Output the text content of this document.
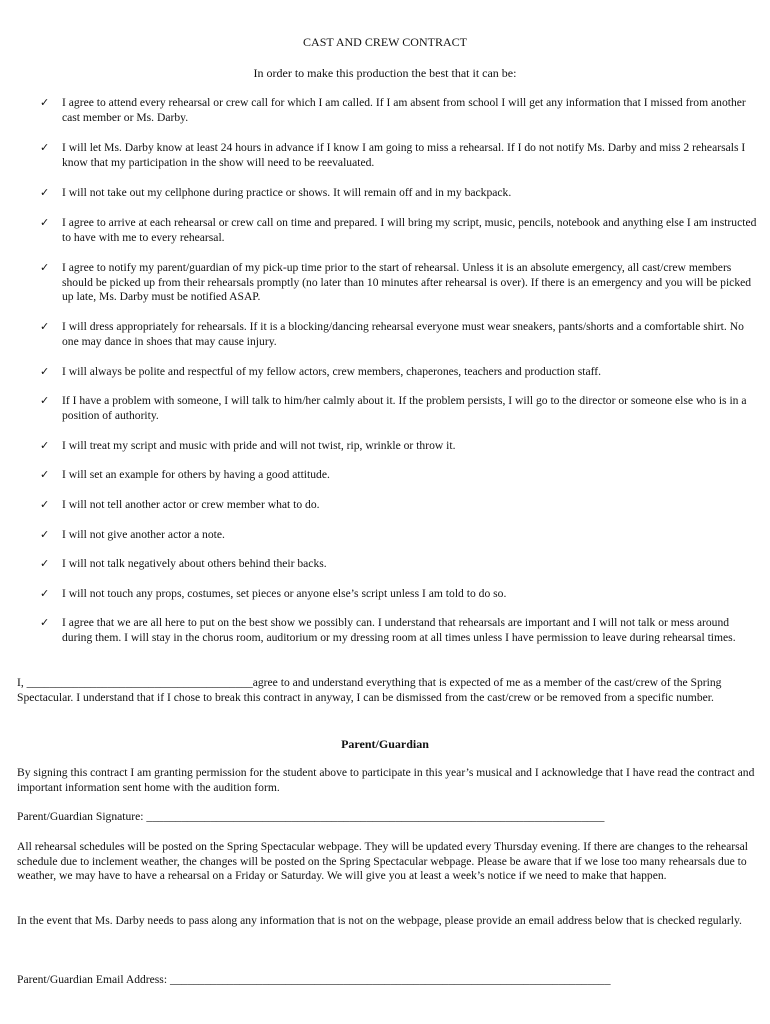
CAST AND CREW CONTRACT
In order to make this production the best that it can be:
✓	I agree to attend every rehearsal or crew call for which I am called. If I am absent from school I will get any information that I missed from another cast member or Ms. Darby.
✓	I will let Ms. Darby know at least 24 hours in advance if I know I am going to miss a rehearsal. If I do not notify Ms. Darby and miss 2 rehearsals I know that my participation in the show will need to be reevaluated.
✓	I will not take out my cellphone during practice or shows. It will remain off and in my backpack.
✓	I agree to arrive at each rehearsal or crew call on time and prepared. I will bring my script, music, pencils, notebook and anything else I am instructed to have with me to every rehearsal.
✓	I agree to notify my parent/guardian of my pick-up time prior to the start of rehearsal. Unless it is an absolute emergency, all cast/crew members should be picked up from their rehearsals promptly (no later than 10 minutes after rehearsal is over). If there is an emergency and you will be picked up late, Ms. Darby must be notified ASAP.
✓	I will dress appropriately for rehearsals. If it is a blocking/dancing rehearsal everyone must wear sneakers, pants/shorts and a comfortable shirt. No one may dance in shoes that may cause injury.
✓	I will always be polite and respectful of my fellow actors, crew members, chaperones, teachers and production staff.
✓	If I have a problem with someone, I will talk to him/her calmly about it. If the problem persists, I will go to the director or someone else who is in a position of authority.
✓	I will treat my script and music with pride and will not twist, rip, wrinkle or throw it.
✓	I will set an example for others by having a good attitude.
✓	I will not tell another actor or crew member what to do.
✓	I will not give another actor a note.
✓	I will not talk negatively about others behind their backs.
✓	I will not touch any props, costumes, set pieces or anyone else’s script unless I am told to do so.
✓	I agree that we are all here to put on the best show we possibly can. I understand that rehearsals are important and I will not talk or mess around during them. I will stay in the chorus room, auditorium or my dressing room at all times unless I have permission to leave during rehearsal times.
I, _______________________________________agree to and understand everything that is expected of me as a member of the cast/crew of the Spring Spectacular. I understand that if I chose to break this contract in anyway, I can be dismissed from the cast/crew or be removed from a specific number.
Parent/Guardian
By signing this contract I am granting permission for the student above to participate in this year’s musical and I acknowledge that I have read the contract and important information sent home with the audition form.
Parent/Guardian Signature: _______________________________________________________________________________
All rehearsal schedules will be posted on the Spring Spectacular webpage. They will be updated every Thursday evening. If there are changes to the rehearsal schedule due to inclement weather, the changes will be posted on the Spring Spectacular webpage. Please be aware that if we lose too many rehearsals due to weather, we may have to have a rehearsal on a Friday or Saturday. We will give you at least a week’s notice if we need to make that happen.
In the event that Ms. Darby needs to pass along any information that is not on the webpage, please provide an email address below that is checked regularly.
Parent/Guardian Email Address: ____________________________________________________________________________
